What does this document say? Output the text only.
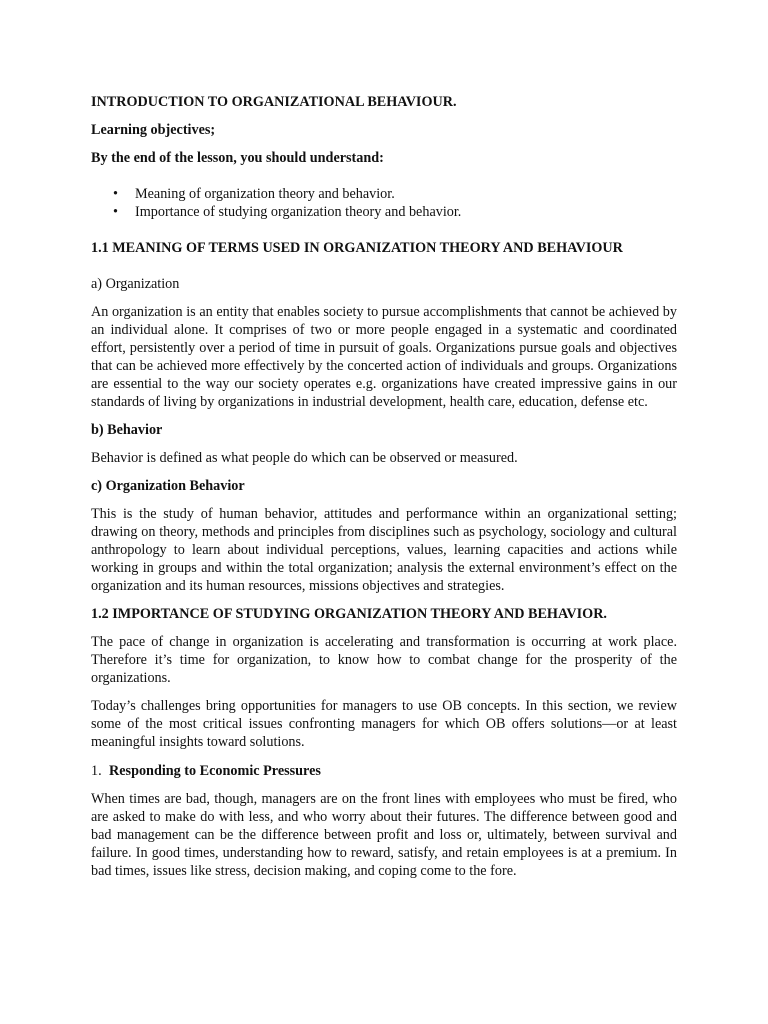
INTRODUCTION TO ORGANIZATIONAL BEHAVIOUR.

Learning objectives;

By the end of the lesson, you should understand:

• Meaning of organization theory and behavior.
• Importance of studying organization theory and behavior.

1.1 MEANING OF TERMS USED IN ORGANIZATION THEORY AND BEHAVIOUR

a) Organization

An organization is an entity that enables society to pursue accomplishments that cannot be achieved by an individual alone. It comprises of two or more people engaged in a systematic and coordinated effort, persistently over a period of time in pursuit of goals. Organizations pursue goals and objectives that can be achieved more effectively by the concerted action of individuals and groups. Organizations are essential to the way our society operates e.g. organizations have created impressive gains in our standards of living by organizations in industrial development, health care, education, defense etc.

b) Behavior

Behavior is defined as what people do which can be observed or measured.

c) Organization Behavior

This is the study of human behavior, attitudes and performance within an organizational setting; drawing on theory, methods and principles from disciplines such as psychology, sociology and cultural anthropology to learn about individual perceptions, values, learning capacities and actions while working in groups and within the total organization; analysis the external environment’s effect on the organization and its human resources, missions objectives and strategies.

1.2 IMPORTANCE OF STUDYING ORGANIZATION THEORY AND BEHAVIOR.

The pace of change in organization is accelerating and transformation is occurring at work place. Therefore it’s time for organization, to know how to combat change for the prosperity of the organizations.

Today’s challenges bring opportunities for managers to use OB concepts. In this section, we review some of the most critical issues confronting managers for which OB offers solutions—or at least meaningful insights toward solutions.

1. Responding to Economic Pressures

When times are bad, though, managers are on the front lines with employees who must be fired, who are asked to make do with less, and who worry about their futures. The difference between good and bad management can be the difference between profit and loss or, ultimately, between survival and failure. In good times, understanding how to reward, satisfy, and retain employees is at a premium. In bad times, issues like stress, decision making, and coping come to the fore.
